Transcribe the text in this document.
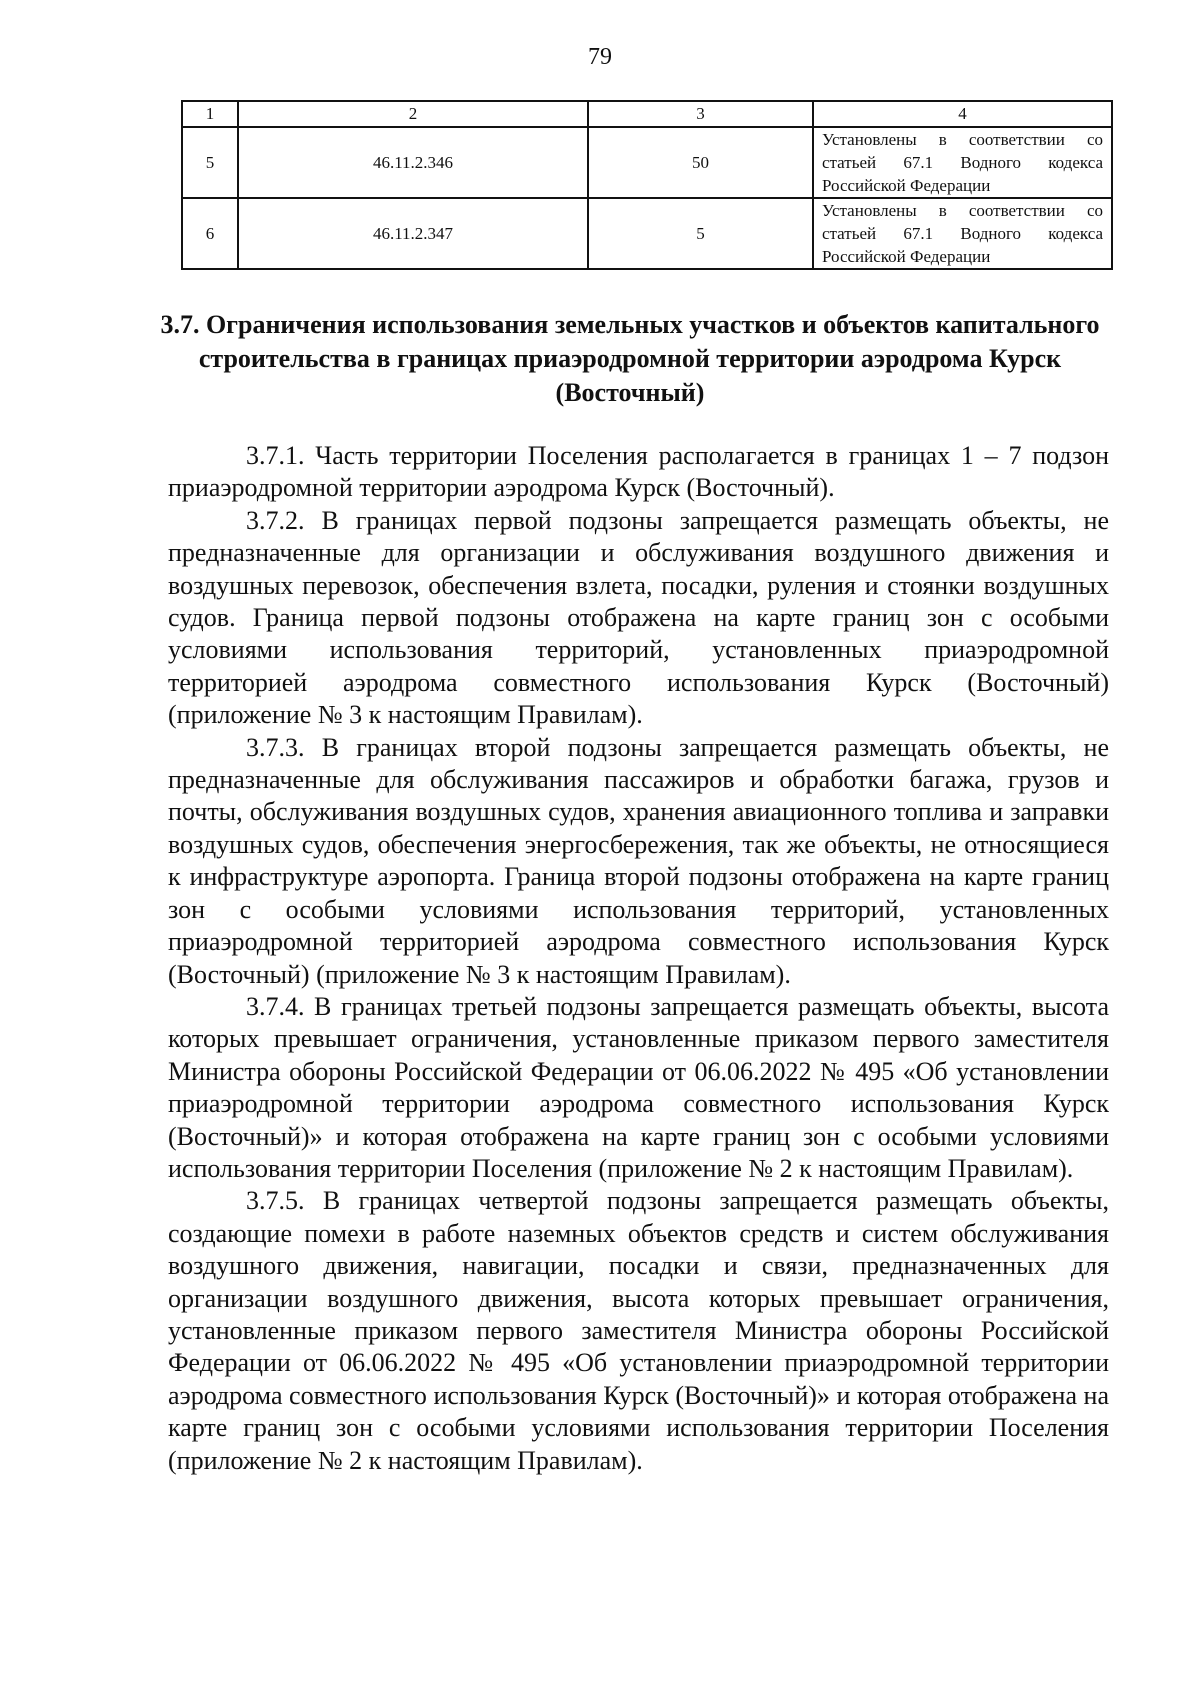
79
1	2	3	4
5	46.11.2.346	50	Установлены в соответствии со статьей 67.1 Водного кодекса Российской Федерации
6	46.11.2.347	5	Установлены в соответствии со статьей 67.1 Водного кодекса Российской Федерации
3.7. Ограничения использования земельных участков и объектов капитального строительства в границах приаэродромной территории аэродрома Курск (Восточный)

3.7.1. Часть территории Поселения располагается в границах 1 – 7 подзон приаэродромной территории аэродрома Курск (Восточный).

3.7.2. В границах первой подзоны запрещается размещать объекты, не предназначенные для организации и обслуживания воздушного движения и воздушных перевозок, обеспечения взлета, посадки, руления и стоянки воздушных судов. Граница первой подзоны отображена на карте границ зон с особыми условиями использования территорий, установленных приаэродромной территорией аэродрома совместного использования Курск (Восточный) (приложение № 3 к настоящим Правилам).

3.7.3. В границах второй подзоны запрещается размещать объекты, не предназначенные для обслуживания пассажиров и обработки багажа, грузов и почты, обслуживания воздушных судов, хранения авиационного топлива и заправки воздушных судов, обеспечения энергосбережения, так же объекты, не относящиеся к инфраструктуре аэропорта. Граница второй подзоны отображена на карте границ зон с особыми условиями использования территорий, установленных приаэродромной территорией аэродрома совместного использования Курск (Восточный) (приложение № 3 к настоящим Правилам).

3.7.4. В границах третьей подзоны запрещается размещать объекты, высота которых превышает ограничения, установленные приказом первого заместителя Министра обороны Российской Федерации от 06.06.2022 № 495 «Об установлении приаэродромной территории аэродрома совместного использования Курск (Восточный)» и которая отображена на карте границ зон с особыми условиями использования территории Поселения (приложение № 2 к настоящим Правилам).

3.7.5. В границах четвертой подзоны запрещается размещать объекты, создающие помехи в работе наземных объектов средств и систем обслуживания воздушного движения, навигации, посадки и связи, предназначенных для организации воздушного движения, высота которых превышает ограничения, установленные приказом первого заместителя Министра обороны Российской Федерации от 06.06.2022 № 495 «Об установлении приаэродромной территории аэродрома совместного использования Курск (Восточный)» и которая отображена на карте границ зон с особыми условиями использования территории Поселения (приложение № 2 к настоящим Правилам).
